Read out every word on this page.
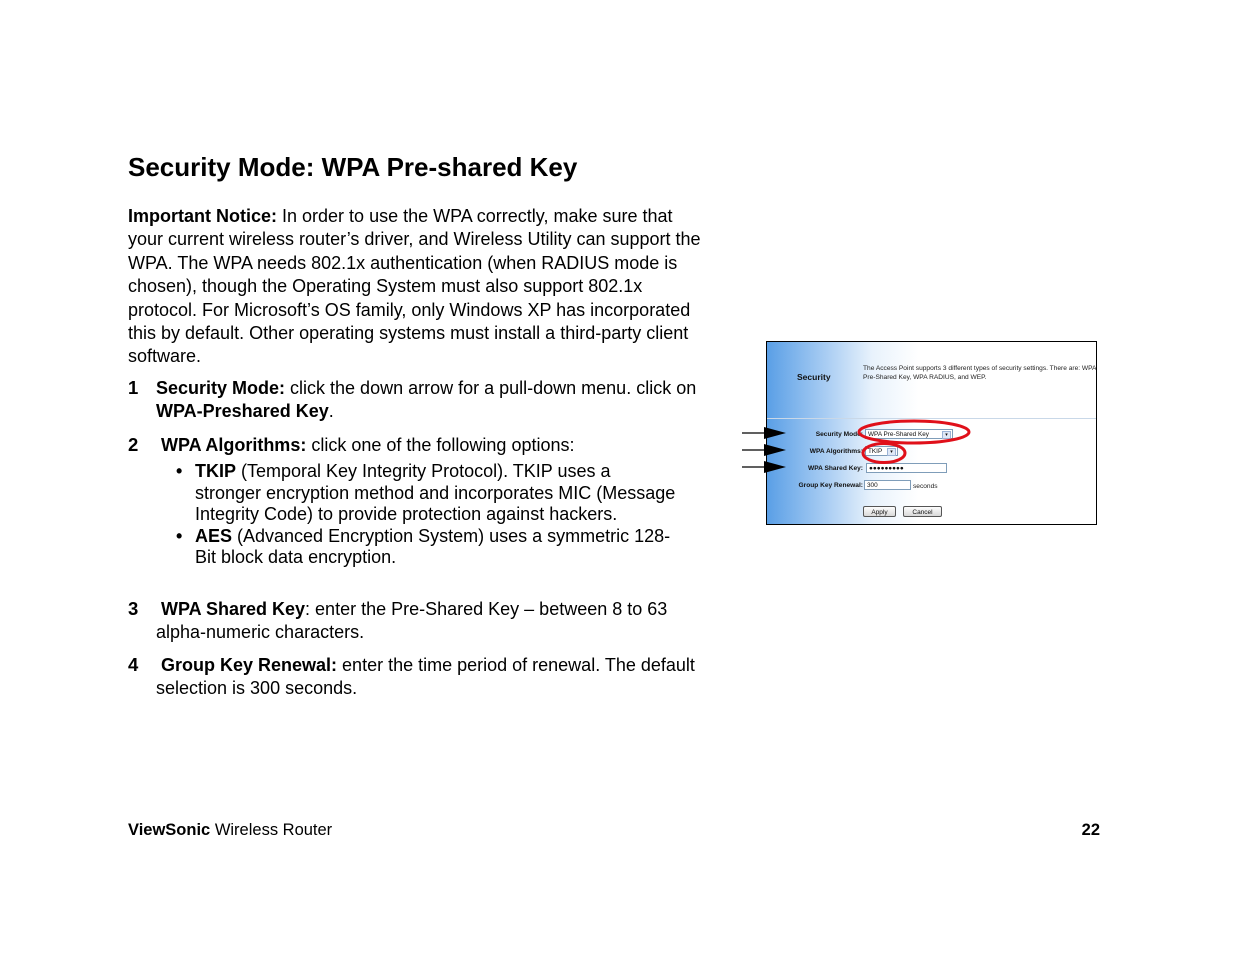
Security Mode: WPA Pre-shared Key

Important Notice: In order to use the WPA correctly, make sure that your current wireless router’s driver, and Wireless Utility can support the WPA. The WPA needs 802.1x authentication (when RADIUS mode is chosen), though the Operating System must also support 802.1x protocol. For Microsoft’s OS family, only Windows XP has incorporated this by default. Other operating systems must install a third-party client software.

1 Security Mode: click the down arrow for a pull-down menu. click on WPA-Preshared Key.
2 WPA Algorithms: click one of the following options:
• TKIP (Temporal Key Integrity Protocol). TKIP uses a stronger encryption method and incorporates MIC (Message Integrity Code) to provide protection against hackers.
• AES (Advanced Encryption System) uses a symmetric 128-Bit block data encryption.
3 WPA Shared Key: enter the Pre-Shared Key – between 8 to 63 alpha-numeric characters.
4 Group Key Renewal: enter the time period of renewal. The default selection is 300 seconds.
Security
The Access Point supports 3 different types of security settings. There are: WPA Pre-Shared Key, WPA RADIUS, and WEP.
Security Mode: WPA Pre-Shared Key	▾
WPA Algorithms: TKIP	▾
WPA Shared Key: ●●●●●●●●●
Group Key Renewal: 300	seconds
Apply	Cancel
ViewSonic Wireless Router	22
